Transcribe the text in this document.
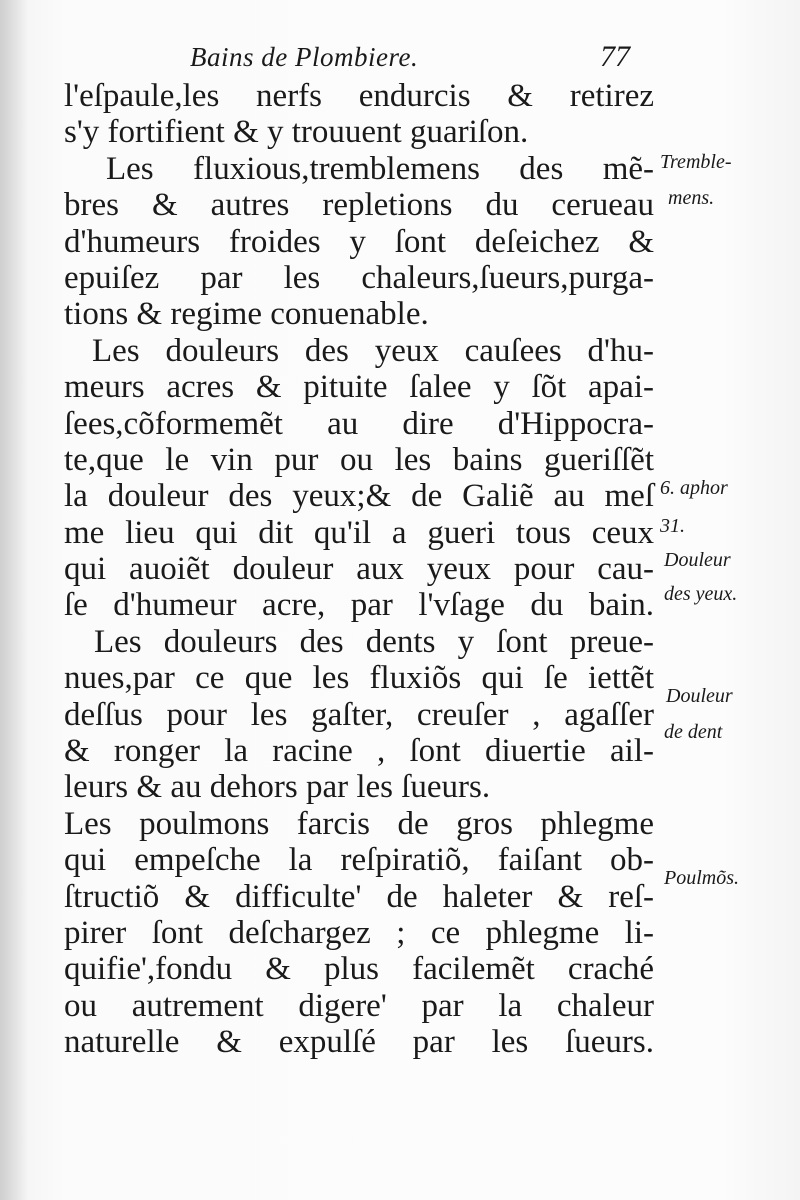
Bains de Plombiere.	77
l'eſpaule,les nerfs endurcis & retirez
s'y fortifient & y trouuent guariſon.
Les fluxious,tremblemens des mẽ-
bres & autres repletions du cerueau
d'humeurs froides y ſont deſeichez &
epuiſez par les chaleurs,ſueurs,purga-
tions & regime conuenable.
Les douleurs des yeux cauſees d'hu-
meurs acres & pituite ſalee y ſõt apai-
ſees,cõformemẽt au dire d'Hippocra-
te,que le vin pur ou les bains gueriſſẽt
la douleur des yeux;& de Galiẽ au meſ
me lieu qui dit qu'il a gueri tous ceux
qui auoiẽt douleur aux yeux pour cau-
ſe d'humeur acre, par l'vſage du bain.
Les douleurs des dents y ſont preue-
nues,par ce que les fluxiõs qui ſe iettẽt
deſſus pour les gaſter, creuſer , agaſſer
& ronger la racine , ſont diuertie ail-
leurs & au dehors par les ſueurs.
Les poulmons farcis de gros phlegme
qui empeſche la reſpiratiõ, faiſant ob-
ſtructiõ & difficulte' de haleter & reſ-
pirer ſont deſchargez ; ce phlegme li-
quifie',fondu & plus facilemẽt craché
ou autrement digere' par la chaleur
naturelle & expulſé par les ſueurs.
Tremble-
mens.
6. aphor
31.
Douleur
des yeux.
Douleur
de dent
Poulmõs.
